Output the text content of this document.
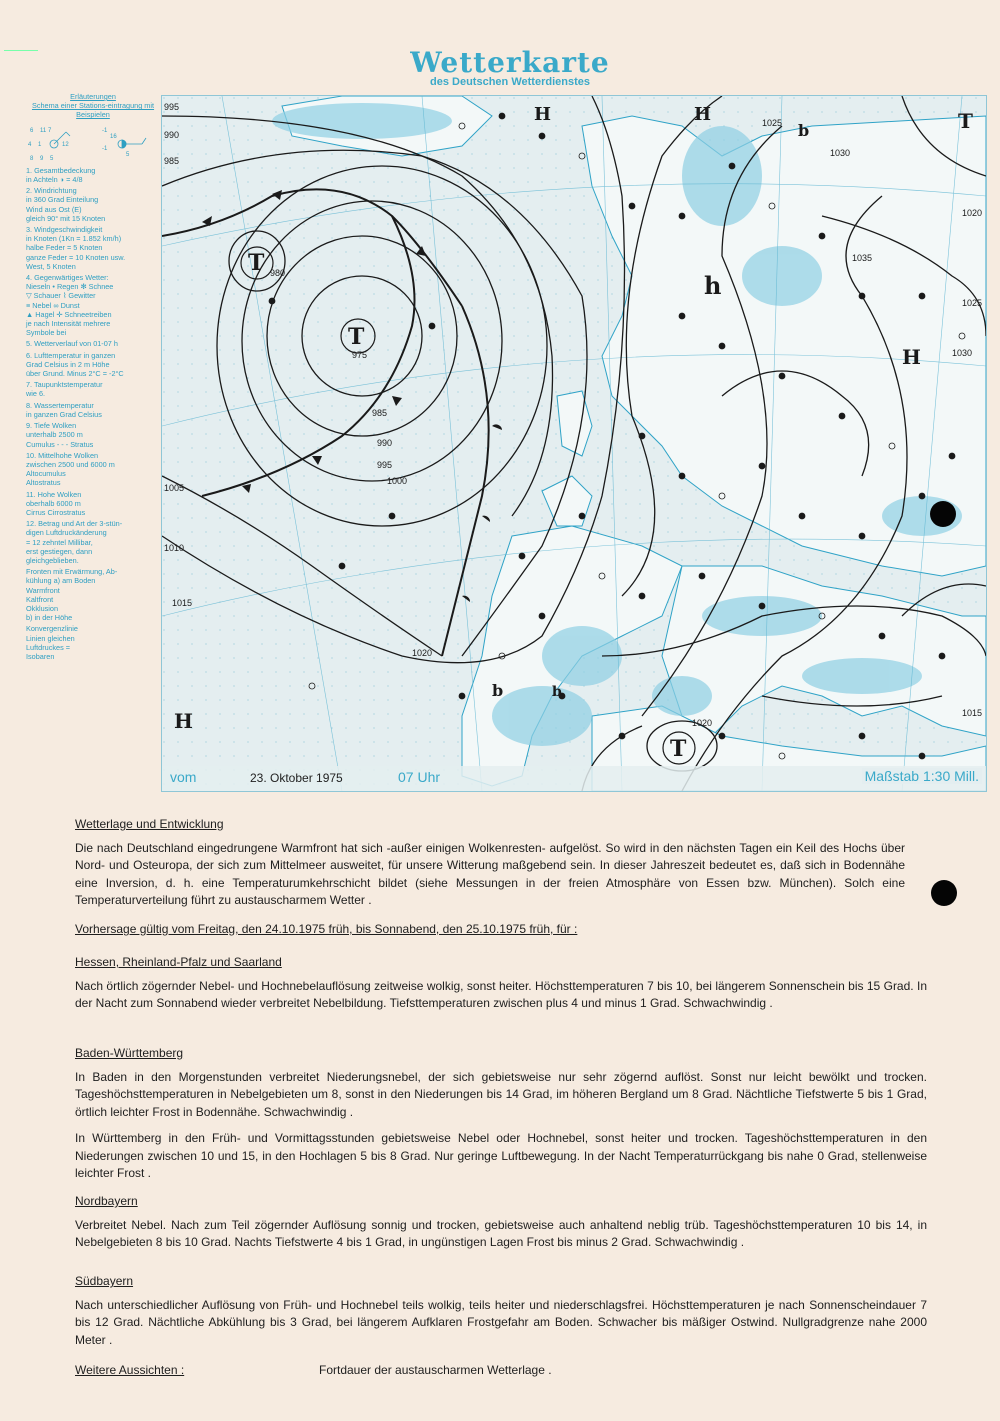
Wetterkarte
des Deutschen Wetterdienstes
Erläuterungen
Schema einer Stations-eintragung mit Beispielen
6 11 7
4 1	12
8 9 5
-1
16
-1
5
1. Gesamtbedeckung
in Achteln ◑ = 4/8
2. Windrichtung
in 360 Grad Einteilung
Wind aus Ost (E)
gleich 90° mit 15 Knoten
3. Windgeschwindigkeit
in Knoten (1Kn = 1.852 km/h)
halbe Feder = 5 Knoten
ganze Feder = 10 Knoten usw.
West, 5 Knoten
4. Gegenwärtiges Wetter:
Nieseln • Regen ✻ Schnee
▽ Schauer ⌇ Gewitter
≡ Nebel ∞ Dunst
▲ Hagel ✛ Schneetreiben
je nach Intensität mehrere
Symbole bei
5. Wetterverlauf von 01-07 h
6. Lufttemperatur in ganzen
Grad Celsius in 2 m Höhe
über Grund. Minus 2°C = -2°C
7. Taupunktstemperatur
wie 6.
8. Wassertemperatur
in ganzen Grad Celsius
9. Tiefe Wolken
unterhalb 2500 m
Cumulus - - - Stratus
10. Mittelhohe Wolken
zwischen 2500 und 6000 m
Altocumulus
Altostratus
11. Hohe Wolken
oberhalb 6000 m
Cirrus Cirrostratus
12. Betrag und Art der 3-stün-
digen Luftdruckänderung
= 12 zehntel Millibar,
erst gestiegen, dann
gleichgeblieben.
Fronten mit Erwärmung, Ab-
kühlung a) am Boden
Warmfront
Kaltfront
Okklusion
b) in der Höhe
Konvergenzlinie
Linien gleichen
Luftdruckes =
Isobaren
T
T
T
T
H
H	H
H
h
b
b	b
995
990
985
980
975
985
990
995
1000
1005
1010
1015
1020
1025
1030
1035
1030
1025
1020
1015
1020
vom	23. Oktober 1975	07 Uhr	Maßstab 1:30 Mill.
Wetterlage und Entwicklung

Die nach Deutschland eingedrungene Warmfront hat sich -außer einigen Wolkenresten- aufgelöst. So wird in den nächsten Tagen ein Keil des Hochs über Nord- und Osteuropa, der sich zum Mittelmeer ausweitet, für unsere Witterung maßgebend sein. In dieser Jahreszeit bedeutet es, daß sich in Bodennähe eine Inversion, d. h. eine Temperaturumkehrschicht bildet (siehe Messungen in der freien Atmosphäre von Essen bzw. München). Solch eine Temperaturverteilung führt zu austauscharmem Wetter .

Vorhersage gültig vom Freitag, den 24.10.1975 früh, bis Sonnabend, den 25.10.1975 früh, für :
Hessen, Rheinland-Pfalz und Saarland

Nach örtlich zögernder Nebel- und Hochnebelauflösung zeitweise wolkig, sonst heiter. Höchsttemperaturen 7 bis 10, bei längerem Sonnenschein bis 15 Grad. In der Nacht zum Sonnabend wieder verbreitet Nebelbildung. Tiefsttemperaturen zwischen plus 4 und minus 1 Grad. Schwachwindig .

Baden-Württemberg

In Baden in den Morgenstunden verbreitet Niederungsnebel, der sich gebietsweise nur sehr zögernd auflöst. Sonst nur leicht bewölkt und trocken. Tageshöchsttemperaturen in Nebelgebieten um 8, sonst in den Niederungen bis 14 Grad, im höheren Bergland um 8 Grad. Nächtliche Tiefstwerte 5 bis 1 Grad, örtlich leichter Frost in Bodennähe. Schwachwindig .

In Württemberg in den Früh- und Vormittagsstunden gebietsweise Nebel oder Hochnebel, sonst heiter und trocken. Tageshöchsttemperaturen in den Niederungen zwischen 10 und 15, in den Hochlagen 5 bis 8 Grad. Nur geringe Luftbewegung. In der Nacht Temperaturrückgang bis nahe 0 Grad, stellenweise leichter Frost .

Nordbayern

Verbreitet Nebel. Nach zum Teil zögernder Auflösung sonnig und trocken, gebietsweise auch anhaltend neblig trüb. Tageshöchsttemperaturen 10 bis 14, in Nebelgebieten 8 bis 10 Grad. Nachts Tiefstwerte 4 bis 1 Grad, in ungünstigen Lagen Frost bis minus 2 Grad. Schwachwindig .

Südbayern

Nach unterschiedlicher Auflösung von Früh- und Hochnebel teils wolkig, teils heiter und niederschlagsfrei. Höchsttemperaturen je nach Sonnenscheindauer 7 bis 12 Grad. Nächtliche Abkühlung bis 3 Grad, bei längerem Aufklaren Frostgefahr am Boden. Schwacher bis mäßiger Ostwind. Nullgradgrenze nahe 2000 Meter .

Weitere Aussichten :	Fortdauer der austauscharmen Wetterlage .
